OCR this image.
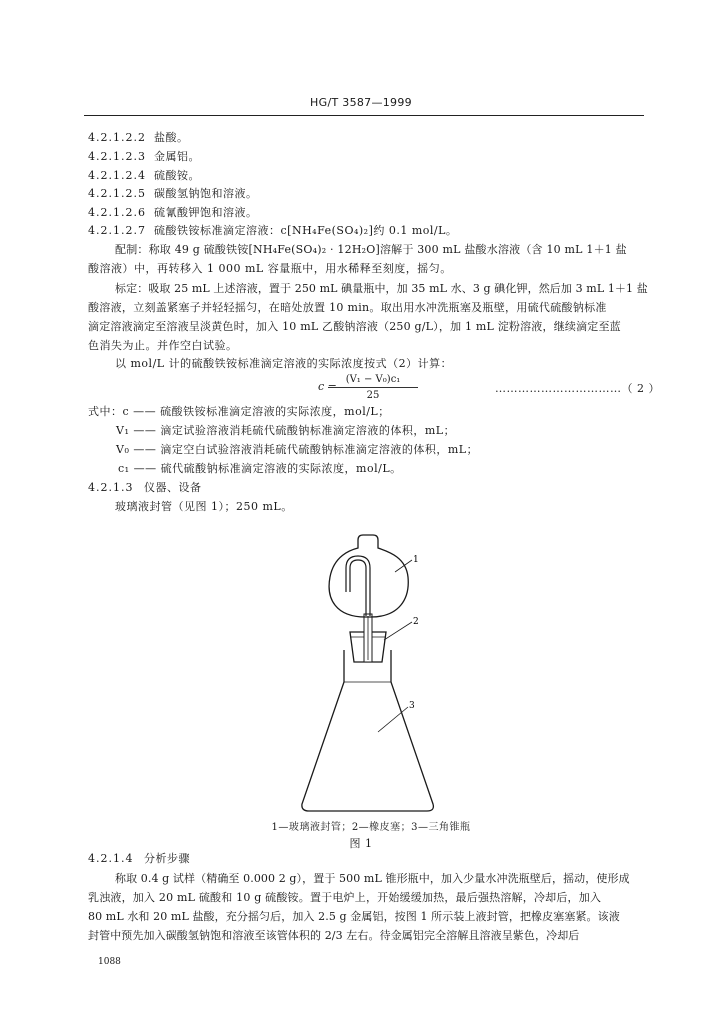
HG/T 3587—1999
4.2.1.2.2 盐酸。
4.2.1.2.3 金属铝。
4.2.1.2.4 硫酸铵。
4.2.1.2.5 碳酸氢钠饱和溶液。
4.2.1.2.6 硫氰酸钾饱和溶液。
4.2.1.2.7 硫酸铁铵标准滴定溶液：c[NH₄Fe(SO₄)₂]约 0.1 mol/L。
配制：称取 49 g 硫酸铁铵[NH₄Fe(SO₄)₂ · 12H₂O]溶解于 300 mL 盐酸水溶液（含 10 mL 1＋1 盐
酸溶液）中，再转移入 1 000 mL 容量瓶中，用水稀释至刻度，摇匀。
标定：吸取 25 mL 上述溶液，置于 250 mL 碘量瓶中，加 35 mL 水、3 g 碘化钾，然后加 3 mL 1＋1 盐
酸溶液，立刻盖紧塞子并轻轻摇匀，在暗处放置 10 min。取出用水冲洗瓶塞及瓶壁，用硫代硫酸钠标准
滴定溶液滴定至溶液呈淡黄色时，加入 10 mL 乙酸钠溶液（250 g/L），加 1 mL 淀粉溶液，继续滴定至蓝
色消失为止。并作空白试验。
以 mol/L 计的硫酸铁铵标准滴定溶液的实际浓度按式（2）计算：
c =
(V₁ − V₀)c₁
25
……………………………（ 2 ）
式中：c —— 硫酸铁铵标准滴定溶液的实际浓度，mol/L；
V₁ —— 滴定试验溶液消耗硫代硫酸钠标准滴定溶液的体积，mL；
V₀ —— 滴定空白试验溶液消耗硫代硫酸钠标准滴定溶液的体积，mL；
c₁ —— 硫代硫酸钠标准滴定溶液的实际浓度，mol/L。
4.2.1.3 仪器、设备
玻璃液封管（见图 1）；250 mL。
1
2
3
1—玻璃液封管；2—橡皮塞；3—三角锥瓶
图 1
4.2.1.4 分析步骤
称取 0.4 g 试样（精确至 0.000 2 g），置于 500 mL 锥形瓶中，加入少量水冲洗瓶壁后，摇动，使形成
乳浊液，加入 20 mL 硫酸和 10 g 硫酸铵。置于电炉上，开始缓缓加热，最后强热溶解，冷却后，加入
80 mL 水和 20 mL 盐酸，充分摇匀后，加入 2.5 g 金属铝，按图 1 所示装上液封管，把橡皮塞塞紧。该液
封管中预先加入碳酸氢钠饱和溶液至该管体积的 2/3 左右。待金属铝完全溶解且溶液呈紫色，冷却后
1088
